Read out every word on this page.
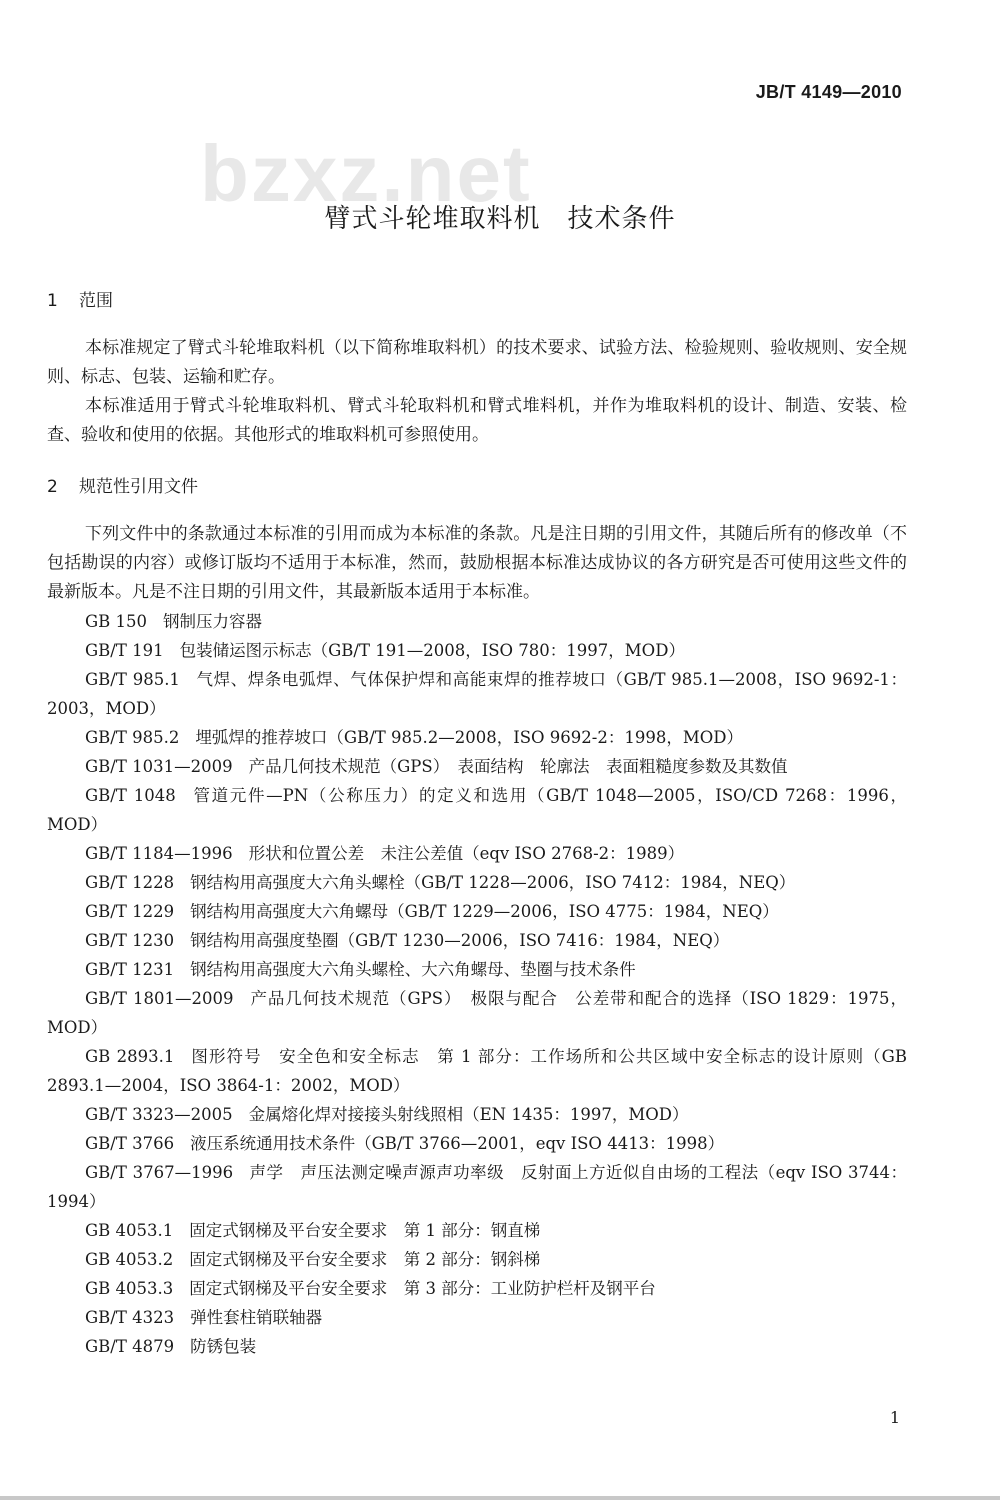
JB/T 4149—2010
bzxz.net
臂式斗轮堆取料机　技术条件
1 范围

本标准规定了臂式斗轮堆取料机（以下简称堆取料机）的技术要求、试验方法、检验规则、验收规则、安全规则、标志、包装、运输和贮存。

本标准适用于臂式斗轮堆取料机、臂式斗轮取料机和臂式堆料机，并作为堆取料机的设计、制造、安装、检查、验收和使用的依据。其他形式的堆取料机可参照使用。

2 规范性引用文件

下列文件中的条款通过本标准的引用而成为本标准的条款。凡是注日期的引用文件，其随后所有的修改单（不包括勘误的内容）或修订版均不适用于本标准，然而，鼓励根据本标准达成协议的各方研究是否可使用这些文件的最新版本。凡是不注日期的引用文件，其最新版本适用于本标准。

GB 150 钢制压力容器

GB/T 191 包装储运图示标志（GB/T 191—2008，ISO 780：1997，MOD）

GB/T 985.1 气焊、焊条电弧焊、气体保护焊和高能束焊的推荐坡口（GB/T 985.1—2008，ISO 9692-1：2003，MOD）

GB/T 985.2 埋弧焊的推荐坡口（GB/T 985.2—2008，ISO 9692-2：1998，MOD）

GB/T 1031—2009 产品几何技术规范（GPS）　表面结构　轮廓法　表面粗糙度参数及其数值

GB/T 1048 管道元件—PN（公称压力）的定义和选用（GB/T 1048—2005，ISO/CD 7268：1996，MOD）

GB/T 1184—1996 形状和位置公差　未注公差值（eqv ISO 2768-2：1989）

GB/T 1228 钢结构用高强度大六角头螺栓（GB/T 1228—2006，ISO 7412：1984，NEQ）

GB/T 1229 钢结构用高强度大六角螺母（GB/T 1229—2006，ISO 4775：1984，NEQ）

GB/T 1230 钢结构用高强度垫圈（GB/T 1230—2006，ISO 7416：1984，NEQ）

GB/T 1231 钢结构用高强度大六角头螺栓、大六角螺母、垫圈与技术条件

GB/T 1801—2009 产品几何技术规范（GPS）　极限与配合　公差带和配合的选择（ISO 1829：1975，MOD）

GB 2893.1 图形符号　安全色和安全标志　第 1 部分：工作场所和公共区域中安全标志的设计原则（GB 2893.1—2004，ISO 3864-1：2002，MOD）

GB/T 3323—2005 金属熔化焊对接接头射线照相（EN 1435：1997，MOD）

GB/T 3766 液压系统通用技术条件（GB/T 3766—2001，eqv ISO 4413：1998）

GB/T 3767—1996 声学　声压法测定噪声源声功率级　反射面上方近似自由场的工程法（eqv ISO 3744：1994）

GB 4053.1 固定式钢梯及平台安全要求　第 1 部分：钢直梯

GB 4053.2 固定式钢梯及平台安全要求　第 2 部分：钢斜梯

GB 4053.3 固定式钢梯及平台安全要求　第 3 部分：工业防护栏杆及钢平台

GB/T 4323 弹性套柱销联轴器

GB/T 4879 防锈包装

1
